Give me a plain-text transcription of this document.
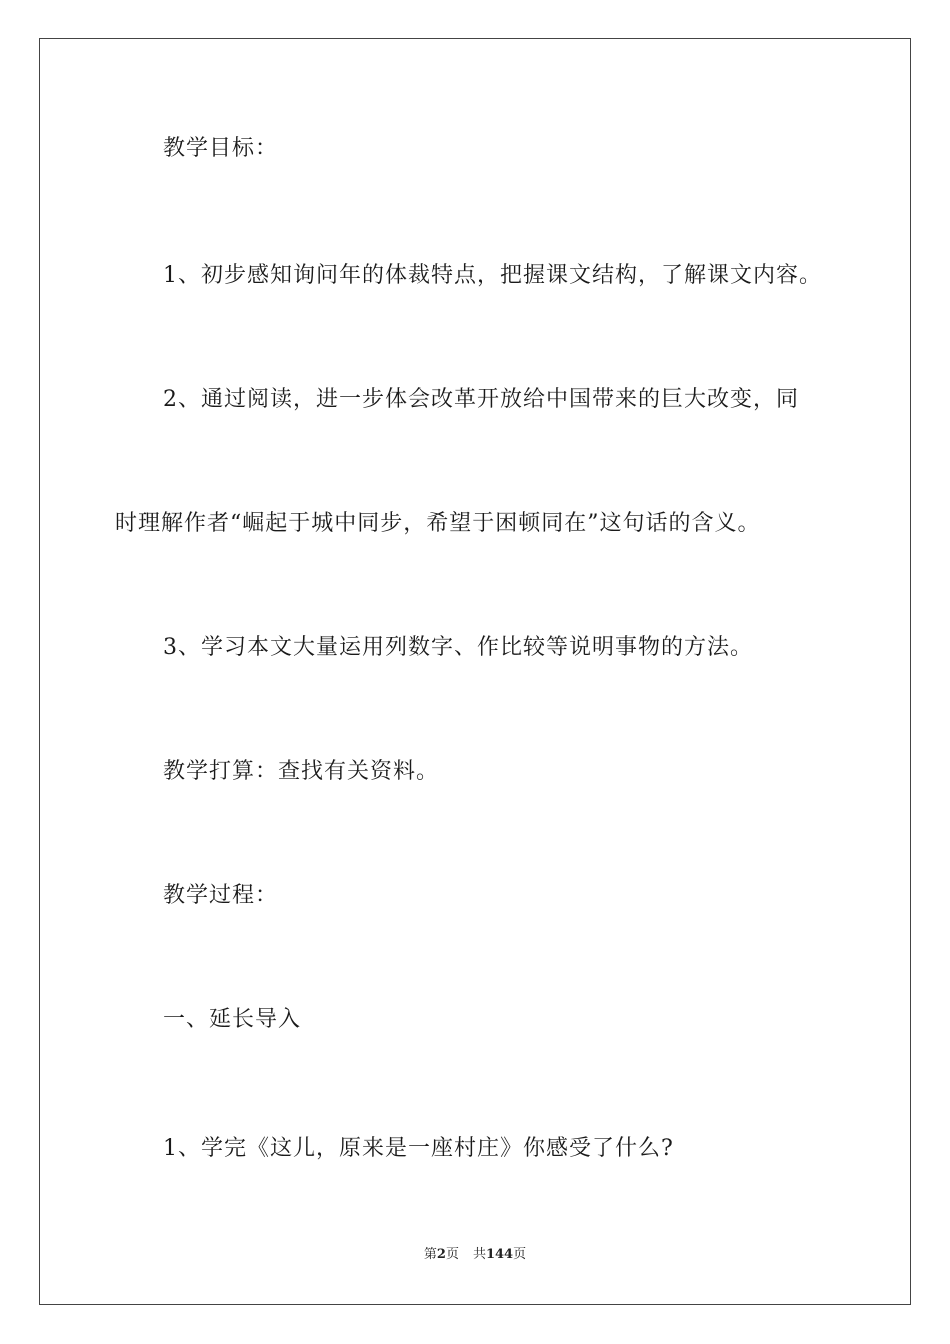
教学目标：
1、初步感知询问年的体裁特点，把握课文结构，了解课文内容。
2、通过阅读，进一步体会改革开放给中国带来的巨大改变，同
时理解作者“崛起于城中同步，希望于困顿同在”这句话的含义。
3、学习本文大量运用列数字、作比较等说明事物的方法。
教学打算：查找有关资料。
教学过程：
一、延长导入
1、学完《这儿，原来是一座村庄》你感受了什么?
第2页 共144页
